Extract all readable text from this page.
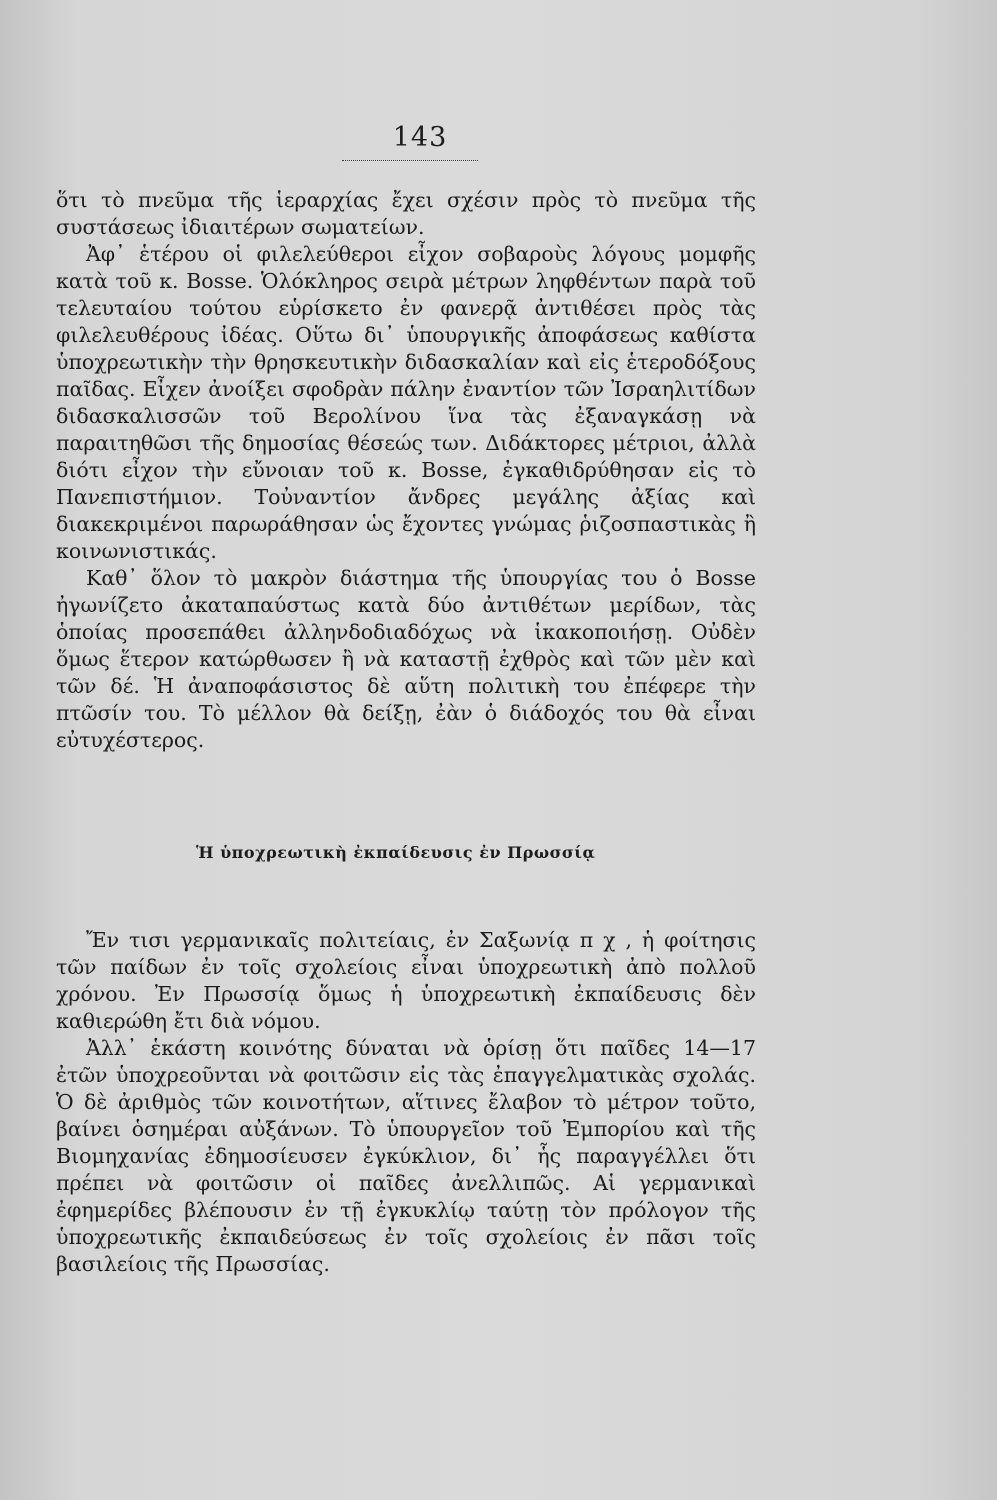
143

ὅτι τὸ πνεῦμα τῆς ἱεραρχίας ἔχει σχέσιν πρὸς τὸ πνεῦμα τῆς συστάσεως ἰδιαιτέρων σωματείων.

Ἀφ᾽ ἑτέρου οἱ φιλελεύθεροι εἶχον σοβαροὺς λόγους μομφῆς κατὰ τοῦ κ. Bosse. Ὁλόκληρος σειρὰ μέτρων ληφθέντων παρὰ τοῦ τελευταίου τούτου εὑρίσκετο ἐν φανερᾷ ἀντιθέσει πρὸς τὰς φιλελευθέρους ἰδέας. Οὕτω δι᾽ ὑπουργικῆς ἀποφάσεως καθίστα ὑποχρεωτικὴν τὴν θρησκευτικὴν διδασκαλίαν καὶ εἰς ἑτεροδόξους παῖδας. Εἶχεν ἀνοίξει σφοδρὰν πάλην ἐναντίον τῶν Ἰσραηλιτίδων διδασκαλισσῶν τοῦ Βερολίνου ἵνα τὰς ἐξαναγκάσῃ νὰ παραιτηθῶσι τῆς δημοσίας θέσεώς των. Διδάκτορες μέτριοι, ἀλλὰ διότι εἶχον τὴν εὔνοιαν τοῦ κ. Bosse, ἐγκαθιδρύθησαν εἰς τὸ Πανεπιστήμιον. Τοὐναντίον ἄνδρες μεγάλης ἀξίας καὶ διακεκριμένοι παρωράθησαν ὡς ἔχοντες γνώμας ῥιζοσπαστικὰς ἢ κοινωνιστικάς.

Καθ᾽ ὅλον τὸ μακρὸν διάστημα τῆς ὑπουργίας του ὁ Bosse ἠγωνίζετο ἀκαταπαύστως κατὰ δύο ἀντιθέτων μερίδων, τὰς ὁποίας προσεπάθει ἀλληνδοδιαδόχως νὰ ἱκακοποιήσῃ. Οὐδὲν ὅμως ἕτερον κατώρθωσεν ἢ νὰ καταστῇ ἐχθρὸς καὶ τῶν μὲν καὶ τῶν δέ. Ἡ ἀναποφάσιστος δὲ αὕτη πολιτικὴ του ἐπέφερε τὴν πτῶσίν του. Τὸ μέλλον θὰ δείξῃ, ἐὰν ὁ διάδοχός του θὰ εἶναι εὐτυχέστερος.

Ἡ ὑποχρεωτικὴ ἐκπαίδευσις ἐν Πρωσσίᾳ

Ἔν τισι γερμανικαῖς πολιτείαις, ἐν Σαξωνίᾳ π χ , ἡ φοίτησις τῶν παίδων ἐν τοῖς σχολείοις εἶναι ὑποχρεωτικὴ ἀπὸ πολλοῦ χρόνου. Ἐν Πρωσσίᾳ ὅμως ἡ ὑποχρεωτικὴ ἐκπαίδευσις δὲν καθιερώθη ἔτι διὰ νόμου.

Ἀλλ᾽ ἑκάστη κοινότης δύναται νὰ ὁρίσῃ ὅτι παῖδες 14—17 ἐτῶν ὑποχρεοῦνται νὰ φοιτῶσιν εἰς τὰς ἐπαγγελματικὰς σχολάς. Ὁ δὲ ἀριθμὸς τῶν κοινοτήτων, αἵτινες ἔλαβον τὸ μέτρον τοῦτο, βαίνει ὁσημέραι αὐξάνων. Τὸ ὑπουργεῖον τοῦ Ἐμπορίου καὶ τῆς Βιομηχανίας ἐδημοσίευσεν ἐγκύκλιον, δι᾽ ἧς παραγγέλλει ὅτι πρέπει νὰ φοιτῶσιν οἱ παῖδες ἀνελλιπῶς. Αἱ γερμανικαὶ ἐφημερίδες βλέπουσιν ἐν τῇ ἐγκυκλίῳ ταύτῃ τὸν πρόλογον τῆς ὑποχρεωτικῆς ἐκπαιδεύσεως ἐν τοῖς σχολείοις ἐν πᾶσι τοῖς βασιλείοις τῆς Πρωσσίας.
